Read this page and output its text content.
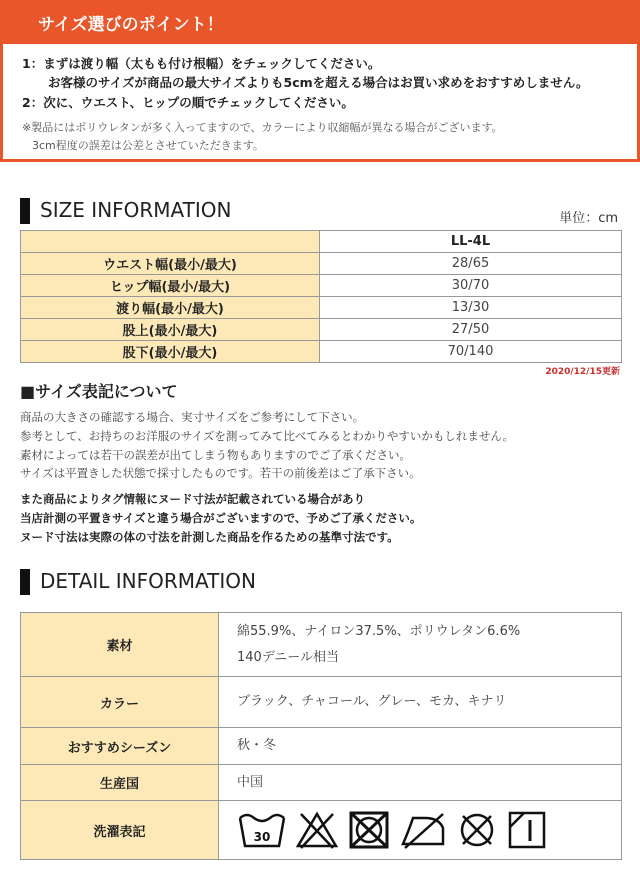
サイズ選びのポイント！
1：まずは渡り幅（太もも付け根幅）をチェックしてください。
お客様のサイズが商品の最大サイズよりも5cmを超える場合はお買い求めをおすすめしません。
2：次に、ウエスト、ヒップの順でチェックしてください。
※製品にはポリウレタンが多く入ってますので、カラーにより収縮幅が異なる場合がございます。
3cm程度の誤差は公差とさせていただきます。
SIZE INFORMATION	単位：cm
	LL-4L
ウエスト幅(最小/最大)	28/65
ヒップ幅(最小/最大)	30/70
渡り幅(最小/最大)	13/30
股上(最小/最大)	27/50
股下(最小/最大)	70/140
2020/12/15更新
■サイズ表記について
商品の大きさの確認する場合、実寸サイズをご参考にして下さい。
参考として、お持ちのお洋服のサイズを測ってみて比べてみるとわかりやすいかもしれません。
素材によっては若干の誤差が出てしまう物もありますのでご了承ください。
サイズは平置きした状態で採寸したものです。若干の前後差はご了承下さい。
また商品によりタグ情報にヌード寸法が記載されている場合があり
当店計測の平置きサイズと違う場合がございますので、予めご了承ください。
ヌード寸法は実際の体の寸法を計測した商品を作るための基準寸法です。
DETAIL INFORMATION
素材	綿55.9%、ナイロン37.5%、ポリウレタン6.6%
140デニール相当

カラー	ブラック、チャコール、グレー、モカ、キナリ
おすすめシーズン	秋・冬
生産国	中国
洗濯表記	30
